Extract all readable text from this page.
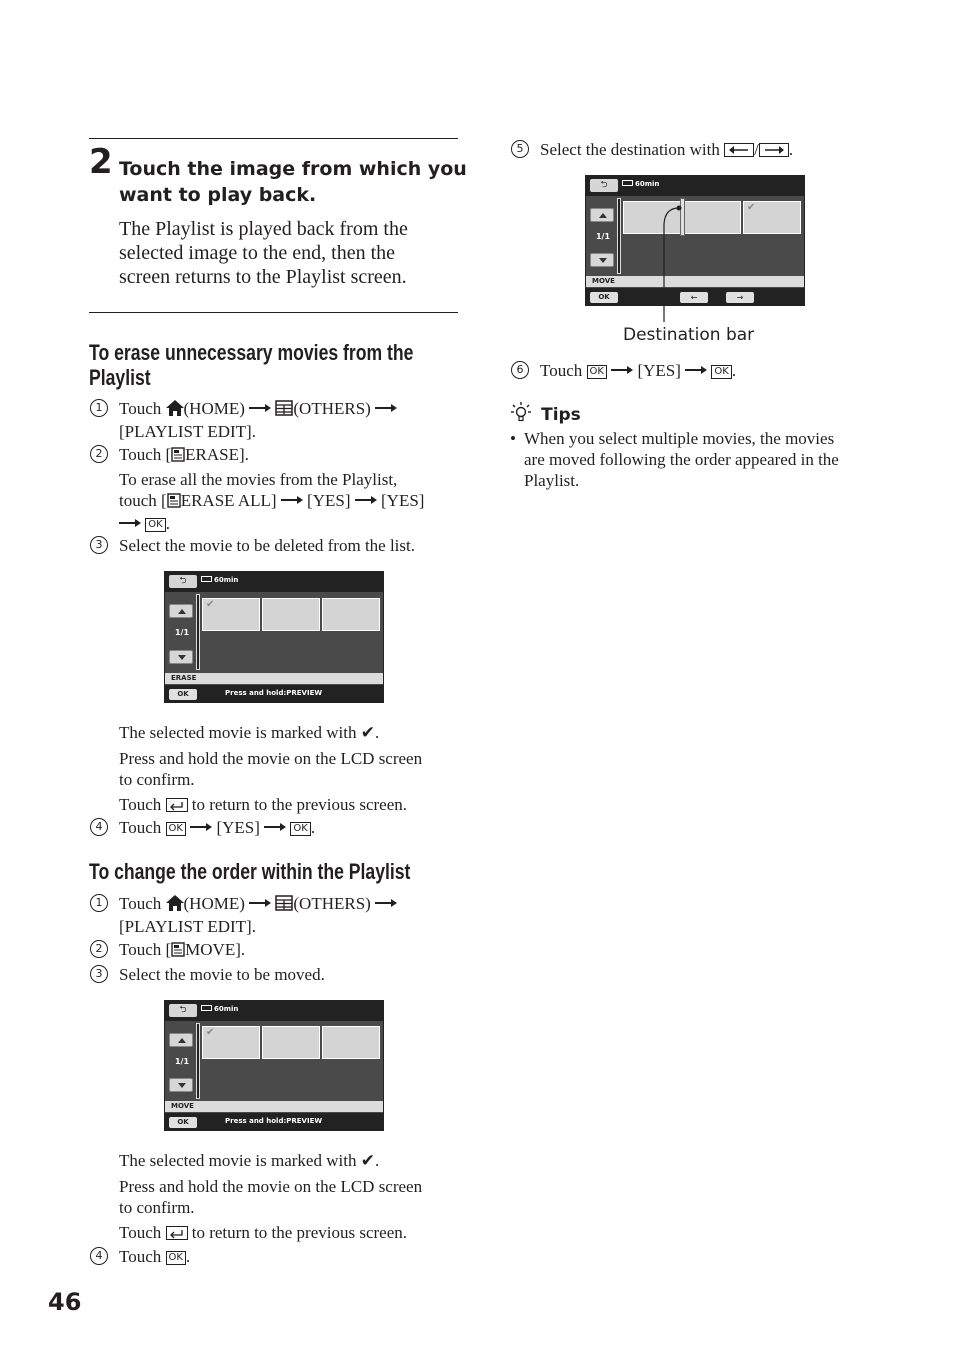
2 Touch the image from which you
want to play back.
The Playlist is played back from the
selected image to the end, then the
screen returns to the Playlist screen.
To erase unnecessary movies from the
Playlist
1 Touch (HOME)	(OTHERS)
[PLAYLIST EDIT].
2 Touch [ ERASE].
To erase all the movies from the Playlist,
touch [ ERASE ALL] [YES] [YES]
OK .
3 Select the movie to be deleted from the list.
⮌	60min
1/1
✔
ERASE
OK	Press and hold:PREVIEW
The selected movie is marked with ✔.
Press and hold the movie on the LCD screen
to confirm.
Touch to return to the previous screen.
4 Touch OK [YES]	OK .
To change the order within the Playlist
1 Touch (HOME)	(OTHERS)
[PLAYLIST EDIT].
2 Touch [ MOVE].
3 Select the movie to be moved.
⮌	60min
1/1
✔
MOVE
OK	Press and hold:PREVIEW
The selected movie is marked with ✔.
Press and hold the movie on the LCD screen
to confirm.
Touch to return to the previous screen.
4 Touch OK .
46
5 Select the destination with / .
⮌	60min
1/1
✔
MOVE
OK	←	→
Destination bar
6 Touch OK [YES]	OK .
Tips
• When you select multiple movies, the movies
are moved following the order appeared in the
Playlist.
